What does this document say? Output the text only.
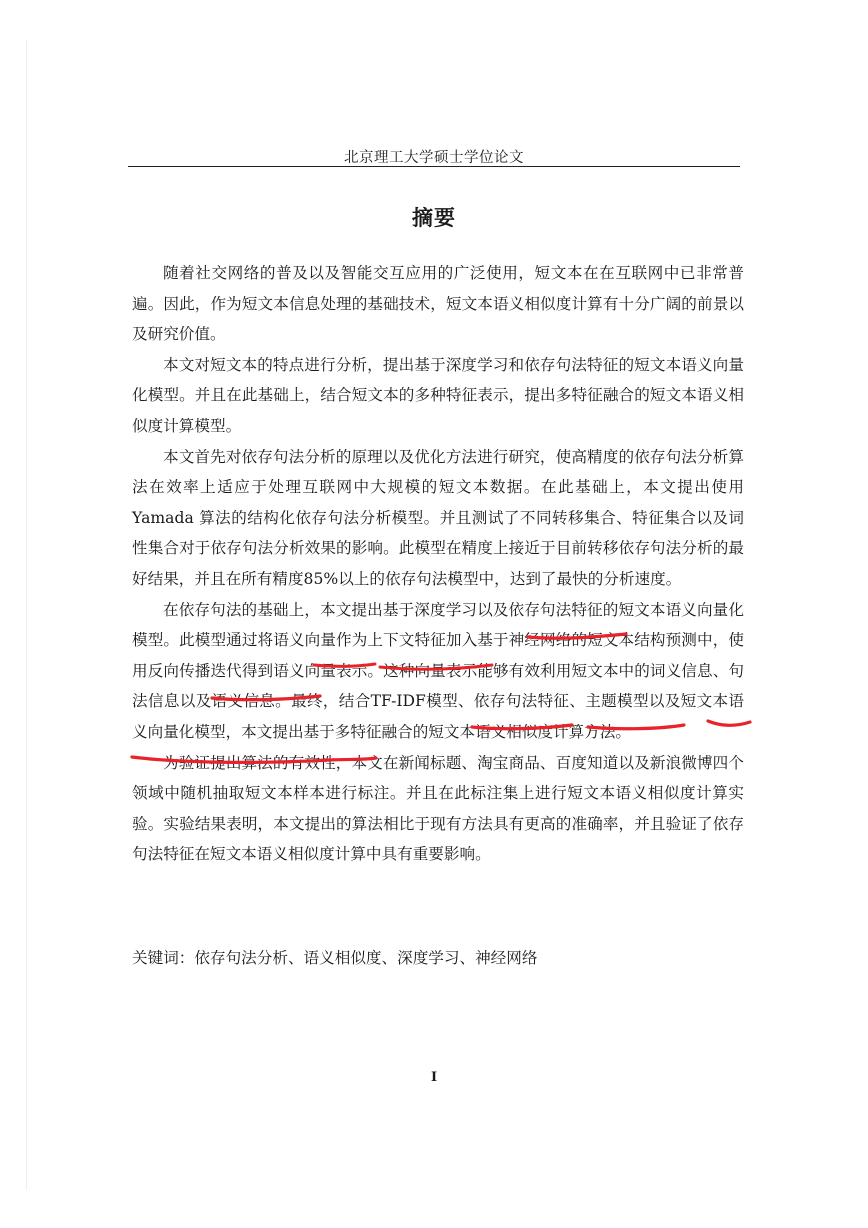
北京理工大学硕士学位论文
摘要

随着社交网络的普及以及智能交互应用的广泛使用，短文本在在互联网中已非常普遍。因此，作为短文本信息处理的基础技术，短文本语义相似度计算有十分广阔的前景以及研究价值。

本文对短文本的特点进行分析，提出基于深度学习和依存句法特征的短文本语义向量化模型。并且在此基础上，结合短文本的多种特征表示，提出多特征融合的短文本语义相似度计算模型。

本文首先对依存句法分析的原理以及优化方法进行研究，使高精度的依存句法分析算法在效率上适应于处理互联网中大规模的短文本数据。在此基础上，本文提出使用 Yamada 算法的结构化依存句法分析模型。并且测试了不同转移集合、特征集合以及词性集合对于依存句法分析效果的影响。此模型在精度上接近于目前转移依存句法分析的最好结果，并且在所有精度85%以上的依存句法模型中，达到了最快的分析速度。

在依存句法的基础上，本文提出基于深度学习以及依存句法特征的短文本语义向量化模型。此模型通过将语义向量作为上下文特征加入基于神经网络的短文本结构预测中，使用反向传播迭代得到语义向量表示。这种向量表示能够有效利用短文本中的词义信息、句法信息以及语义信息。最终，结合TF-IDF模型、依存句法特征、主题模型以及短文本语义向量化模型，本文提出基于多特征融合的短文本语义相似度计算方法。

为验证提出算法的有效性，本文在新闻标题、淘宝商品、百度知道以及新浪微博四个领域中随机抽取短文本样本进行标注。并且在此标注集上进行短文本语义相似度计算实验。实验结果表明，本文提出的算法相比于现有方法具有更高的准确率，并且验证了依存句法特征在短文本语义相似度计算中具有重要影响。

关键词：依存句法分析、语义相似度、深度学习、神经网络
I
